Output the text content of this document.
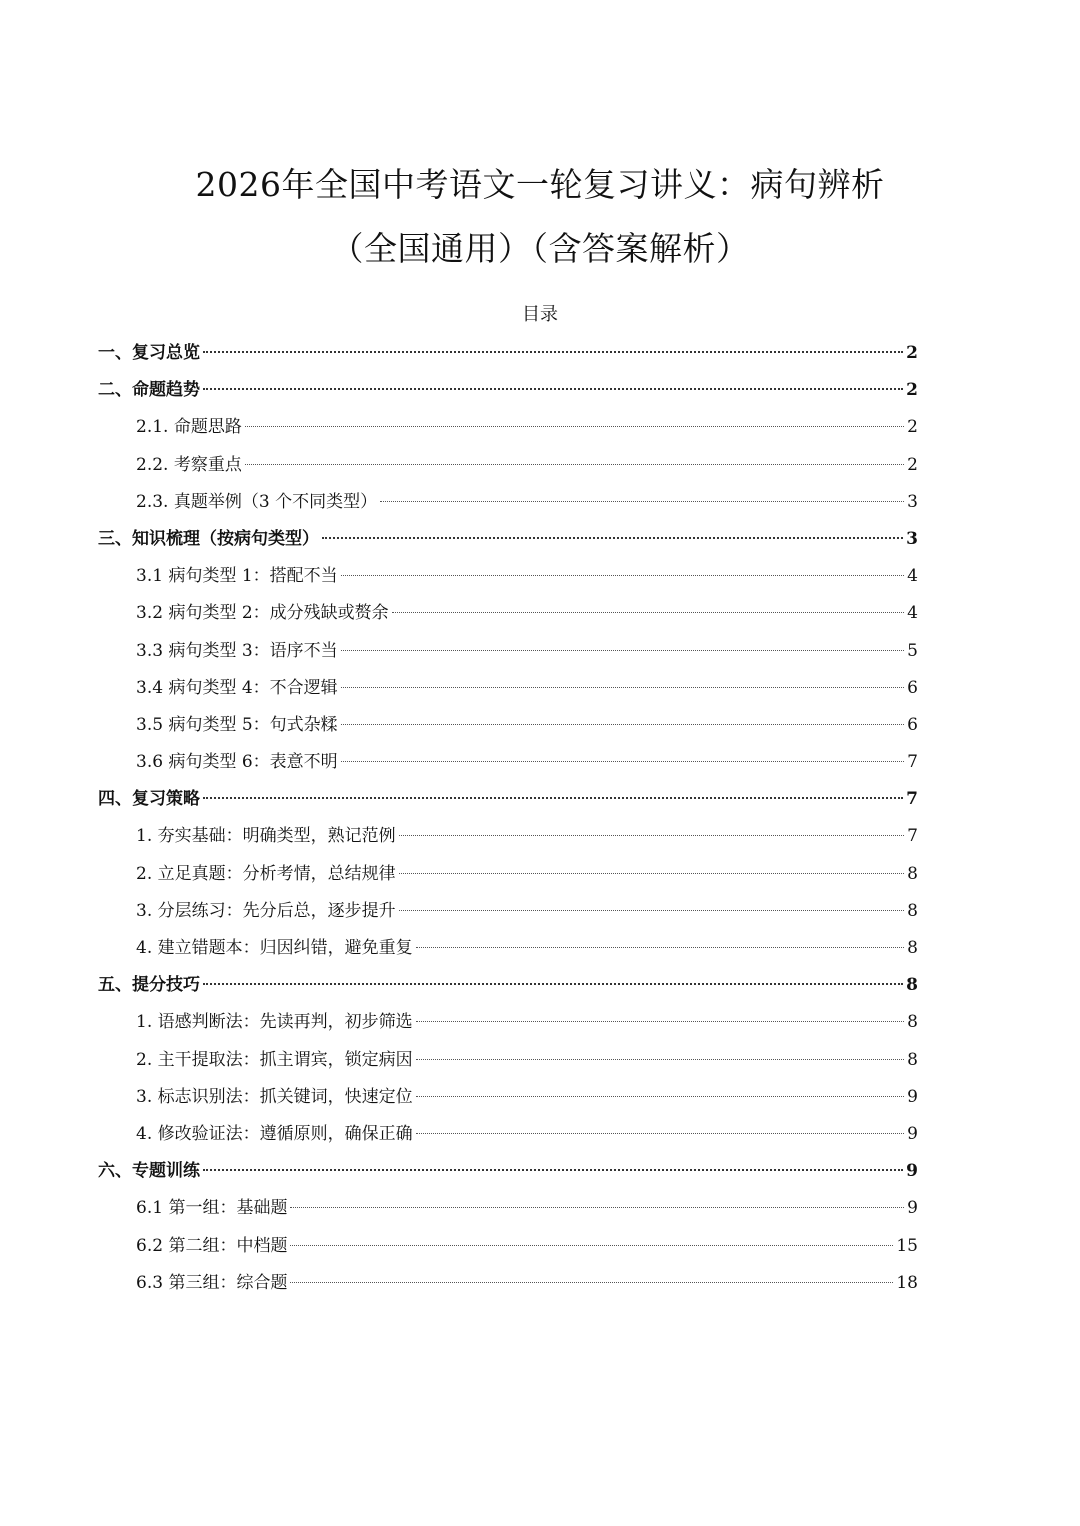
2026年全国中考语文一轮复习讲义：病句辨析
（全国通用）（含答案解析）
目录
一、复习总览	2
二、命题趋势	2
2.1. 命题思路	2
2.2. 考察重点	2
2.3. 真题举例（3 个不同类型）	3
三、知识梳理（按病句类型）	3
3.1 病句类型 1：搭配不当	4
3.2 病句类型 2：成分残缺或赘余	4
3.3 病句类型 3：语序不当	5
3.4 病句类型 4：不合逻辑	6
3.5 病句类型 5：句式杂糅	6
3.6 病句类型 6：表意不明	7
四、复习策略	7
1. 夯实基础：明确类型，熟记范例	7
2. 立足真题：分析考情，总结规律	8
3. 分层练习：先分后总，逐步提升	8
4. 建立错题本：归因纠错，避免重复	8
五、提分技巧	8
1. 语感判断法：先读再判，初步筛选	8
2. 主干提取法：抓主谓宾，锁定病因	8
3. 标志识别法：抓关键词，快速定位	9
4. 修改验证法：遵循原则，确保正确	9
六、专题训练	9
6.1 第一组：基础题	9
6.2 第二组：中档题	15
6.3 第三组：综合题	18
